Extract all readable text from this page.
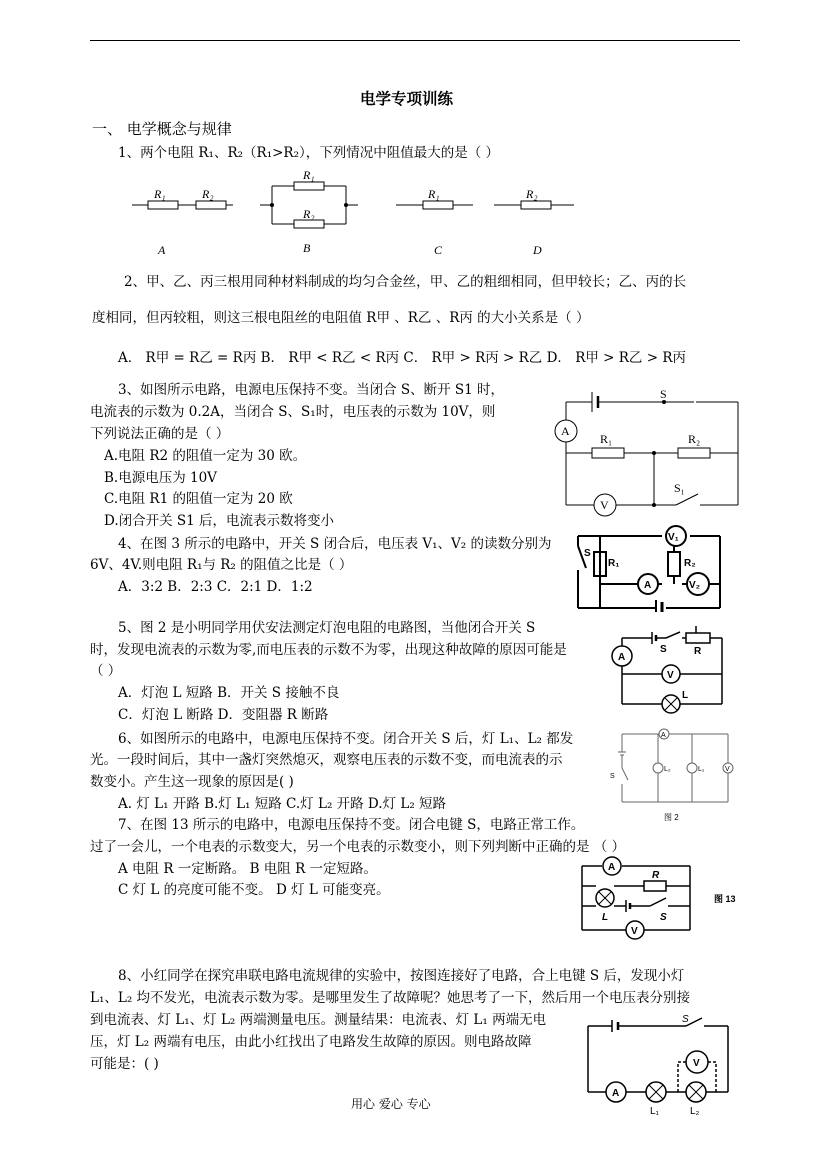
电学专项训练
一、 电学概念与规律
1、两个电阻 R₁、R₂（R₁>R₂），下列情况中阻值最大的是（ ）
R₁	R₂
A
R₁
R₂
B
R₁
C
R₂
D
2、甲、乙、丙三根用同种材料制成的均匀合金丝，甲、乙的粗细相同，但甲较长；乙、丙的长
度相同，但丙较粗，则这三根电阻丝的电阻值 R甲 、R乙 、R丙 的大小关系是（ ）
A． R甲 = R乙 = R丙 B． R甲 < R乙 < R丙 C． R甲 > R丙 > R乙 D． R甲 > R乙 > R丙
3、如图所示电路，电源电压保持不变。当闭合 S、断开 S1 时，
电流表的示数为 0.2A，当闭合 S、S₁时，电压表的示数为 10V，则
下列说法正确的是（ ）
A.电阻 R2 的阻值一定为 30 欧。
B.电源电压为 10V
C.电阻 R1 的阻值一定为 20 欧
D.闭合开关 S1 后，电流表示数将变小
S
A
R₁	R₂
V
S₁
4、在图 3 所示的电路中，开关 S 闭合后，电压表 V₁、V₂ 的读数分别为
6V、4V.则电阻 R₁与 R₂ 的阻值之比是（ ）
A．3:2 B．2:3 C．2:1 D．1:2
V₁
R₁	R₂
A	V₂
S
5、图 2 是小明同学用伏安法测定灯泡电阻的电路图，当他闭合开关 S
时，发现电流表的示数为零,而电压表的示数不为零，出现这种故障的原因可能是
（ ）
A．灯泡 L 短路 B．开关 S 接触不良
C．灯泡 L 断路 D．变阻器 R 断路
A
S	R
V
L
6、如图所示的电路中，电源电压保持不变。闭合开关 S 后，灯 L₁、L₂ 都发
光。一段时间后，其中一盏灯突然熄灭，观察电压表的示数不变，而电流表的示
数变小。产生这一现象的原因是( )
A. 灯 L₁ 开路 B.灯 L₁ 短路 C.灯 L₂ 开路 D.灯 L₂ 短路
A
L₂	L₁	V
S
图 2
7、在图 13 所示的电路中，电源电压保持不变。闭合电键 S，电路正常工作。
过了一会儿，一个电表的示数变大，另一个电表的示数变小，则下列判断中正确的是 （ ）
A 电阻 R 一定断路。 B 电阻 R 一定短路。
C 灯 L 的亮度可能不变。 D 灯 L 可能变亮。
A
R
L	S
V
图 13
8、小红同学在探究串联电路电流规律的实验中，按图连接好了电路，合上电键 S 后，发现小灯
L₁、L₂ 均不发光，电流表示数为零。是哪里发生了故障呢？她思考了一下，然后用一个电压表分别接
到电流表、灯 L₁、灯 L₂ 两端测量电压。测量结果：电流表、灯 L₁ 两端无电
压，灯 L₂ 两端有电压，由此小红找出了电路发生故障的原因。则电路故障
可能是：( )
S
V
A
L₁	L₂
用心 爱心 专心
